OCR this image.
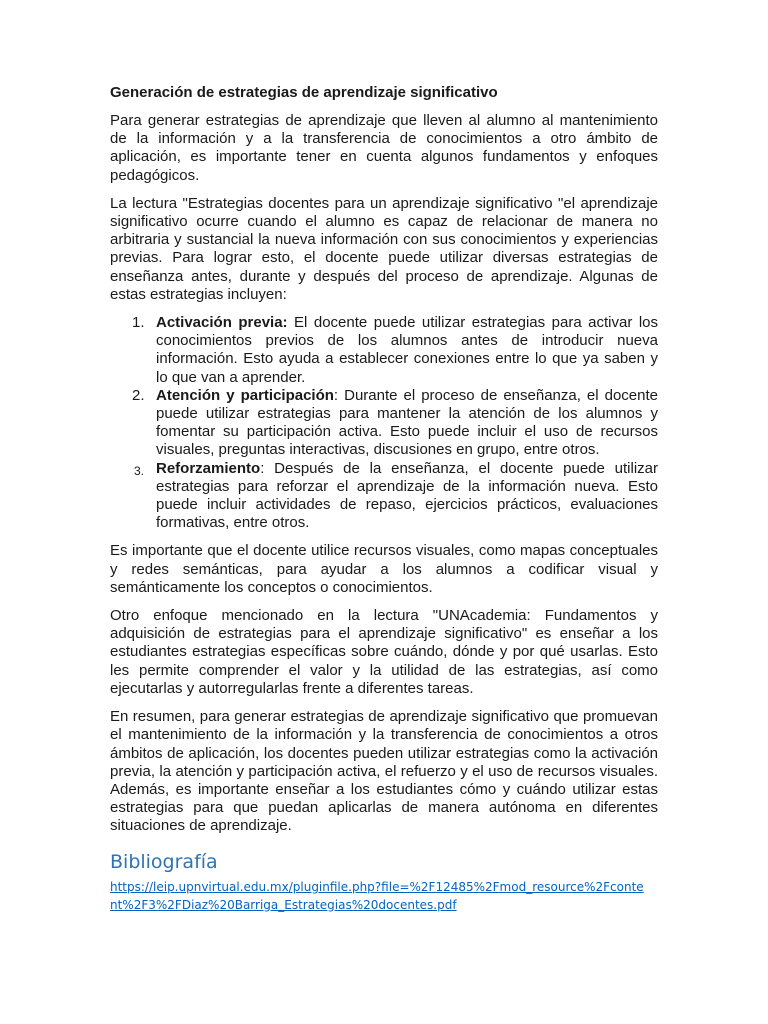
Generación de estrategias de aprendizaje significativo

Para generar estrategias de aprendizaje que lleven al alumno al mantenimiento de la información y a la transferencia de conocimientos a otro ámbito de aplicación, es importante tener en cuenta algunos fundamentos y enfoques pedagógicos.

La lectura "Estrategias docentes para un aprendizaje significativo "el aprendizaje significativo ocurre cuando el alumno es capaz de relacionar de manera no arbitraria y sustancial la nueva información con sus conocimientos y experiencias previas. Para lograr esto, el docente puede utilizar diversas estrategias de enseñanza antes, durante y después del proceso de aprendizaje. Algunas de estas estrategias incluyen:

1. Activación previa: El docente puede utilizar estrategias para activar los conocimientos previos de los alumnos antes de introducir nueva información. Esto ayuda a establecer conexiones entre lo que ya saben y lo que van a aprender.
2. Atención y participación: Durante el proceso de enseñanza, el docente puede utilizar estrategias para mantener la atención de los alumnos y fomentar su participación activa. Esto puede incluir el uso de recursos visuales, preguntas interactivas, discusiones en grupo, entre otros.
3. Reforzamiento: Después de la enseñanza, el docente puede utilizar estrategias para reforzar el aprendizaje de la información nueva. Esto puede incluir actividades de repaso, ejercicios prácticos, evaluaciones formativas, entre otros.

Es importante que el docente utilice recursos visuales, como mapas conceptuales y redes semánticas, para ayudar a los alumnos a codificar visual y semánticamente los conceptos o conocimientos.

Otro enfoque mencionado en la lectura "UNAcademia: Fundamentos y adquisición de estrategias para el aprendizaje significativo" es enseñar a los estudiantes estrategias específicas sobre cuándo, dónde y por qué usarlas. Esto les permite comprender el valor y la utilidad de las estrategias, así como ejecutarlas y autorregularlas frente a diferentes tareas.

En resumen, para generar estrategias de aprendizaje significativo que promuevan el mantenimiento de la información y la transferencia de conocimientos a otros ámbitos de aplicación, los docentes pueden utilizar estrategias como la activación previa, la atención y participación activa, el refuerzo y el uso de recursos visuales. Además, es importante enseñar a los estudiantes cómo y cuándo utilizar estas estrategias para que puedan aplicarlas de manera autónoma en diferentes situaciones de aprendizaje.

Bibliografía
https://leip.upnvirtual.edu.mx/pluginfile.php?file=%2F12485%2Fmod_resource%2Fcontent%2F3%2FDiaz%20Barriga_Estrategias%20docentes.pdf
